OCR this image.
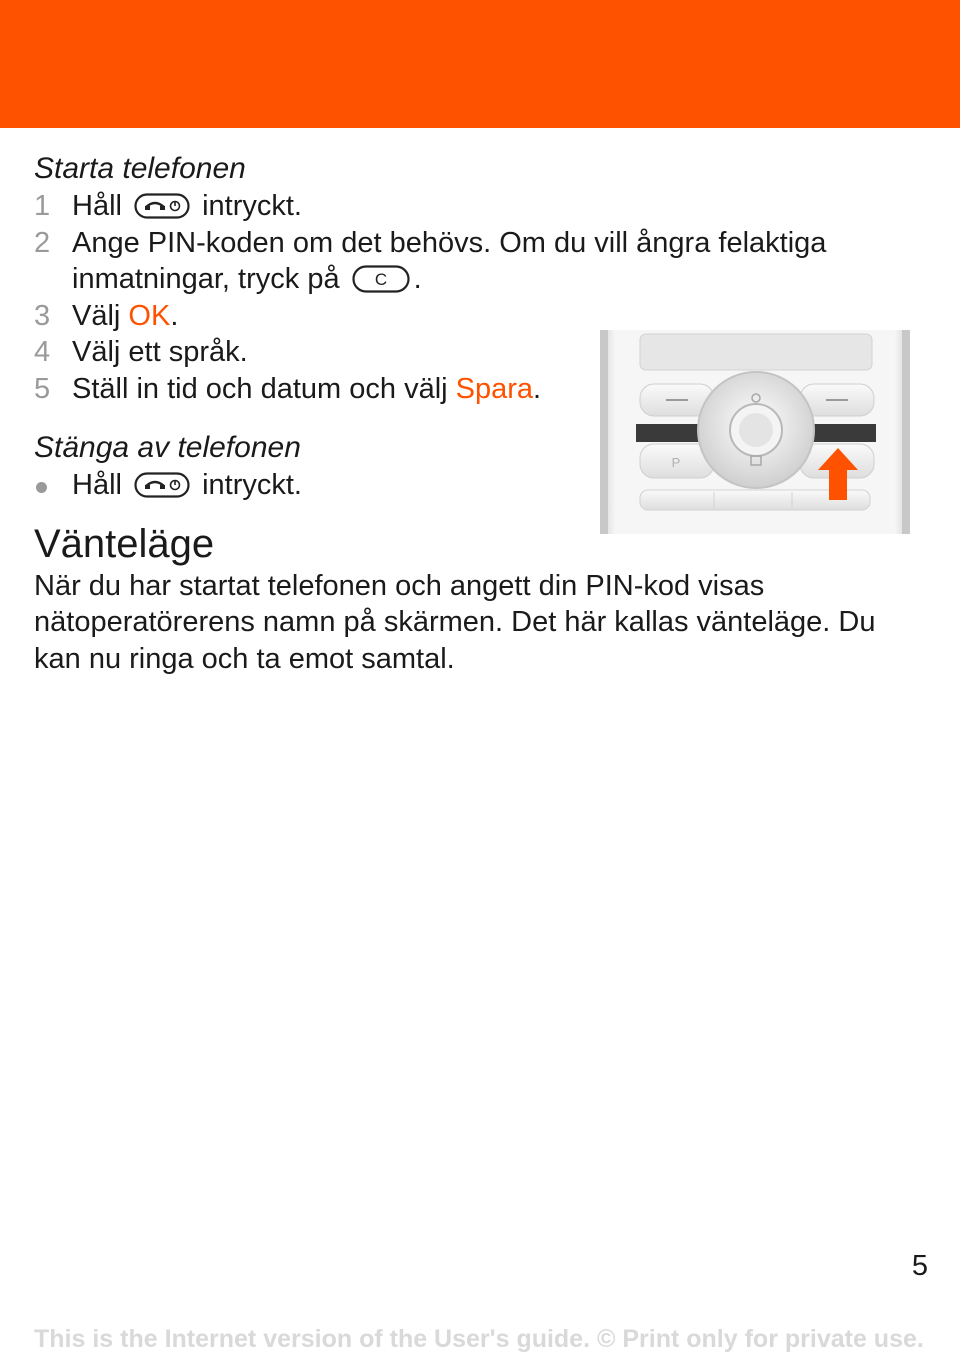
Starta telefonen
1 Håll	intryckt.
2 Ange PIN-koden om det behövs. Om du vill ångra felaktiga
inmatningar, tryck på C .
3 Välj OK.
4 Välj ett språk.
5 Ställ in tid och datum och välj Spara.
Stänga av telefonen
Håll	intryckt.
Vänteläge

När du har startat telefonen och angett din PIN-kod visas nätoperatörerens namn på skärmen. Det här kallas vänteläge. Du kan nu ringa och ta emot samtal.

P
5
This is the Internet version of the User's guide. © Print only for private use.
